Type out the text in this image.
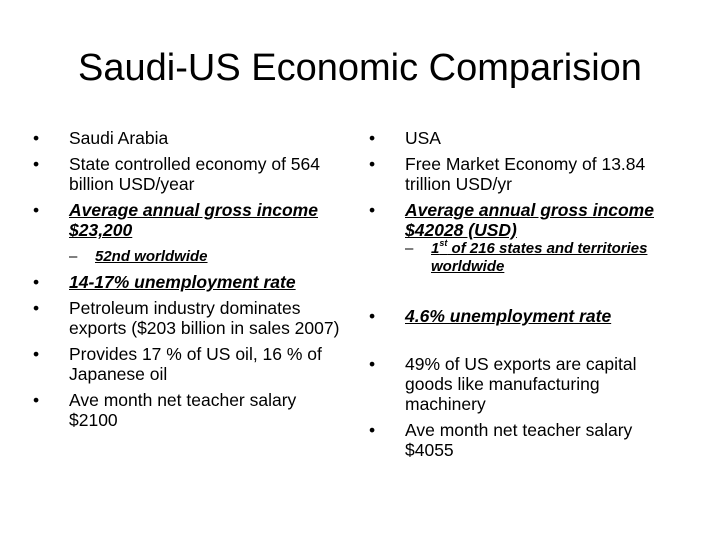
Saudi-US Economic Comparision
• Saudi Arabia
• State controlled economy of 564 billion USD/year
• Average annual gross income $23,200
– 52nd worldwide
• 14-17% unemployment rate
• Petroleum industry dominates exports ($203 billion in sales 2007)
• Provides 17 % of US oil, 16 % of Japanese oil
• Ave month net teacher salary $2100
• USA
• Free Market Economy of 13.84 trillion USD/yr
• Average annual gross income $42028 (USD)
– 1st of 216 states and territories worldwide
• 4.6% unemployment rate
• 49% of US exports are capital goods like manufacturing machinery
• Ave month net teacher salary $4055
